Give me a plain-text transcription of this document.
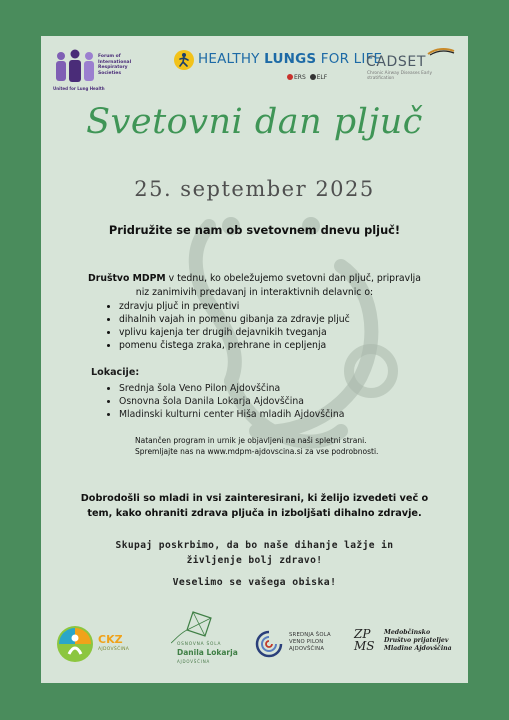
Forum of
International
Respiratory
Societies
United for Lung Health
HEALTHY LUNGS FOR LIFE
ERS ELF
CADSET
Chronic Airway Diseases Early stratification
Svetovni dan pljuč
25. september 2025
Pridružite se nam ob svetovnem dnevu pljuč!
Društvo MDPM v tednu, ko obeležujemo svetovni dan pljuč, pripravlja
niz zanimivih predavanj in interaktivnih delavnic o:
• zdravju pljuč in preventivi
• dihalnih vajah in pomenu gibanja za zdravje pljuč
• vplivu kajenja ter drugih dejavnikih tveganja
• pomenu čistega zraka, prehrane in cepljenja
Lokacije:
• Srednja šola Veno Pilon Ajdovščina
• Osnovna šola Danila Lokarja Ajdovščina
• Mladinski kulturni center Hiša mladih Ajdovščina
Natančen program in urnik je objavljeni na naši spletni strani.
Spremljajte nas na www.mdpm-ajdovscina.si za vse podrobnosti.
Dobrodošli so mladi in vsi zainteresirani, ki želijo izvedeti več o
tem, kako ohraniti zdrava pljuča in izboljšati dihalno zdravje.
Skupaj poskrbimo, da bo naše dihanje lažje in
življenje bolj zdravo!
Veselimo se vašega obiska!
CKZ
AJDOVŠČINA
OSNOVNA ŠOLA
Danila Lokarja
AJDOVŠČINA
SREDNJA ŠOLA
VENO PILON
AJDOVŠČINA
ZP
MS
Medobčinsko
Društvo prijateljev
Mladine Ajdovščina
